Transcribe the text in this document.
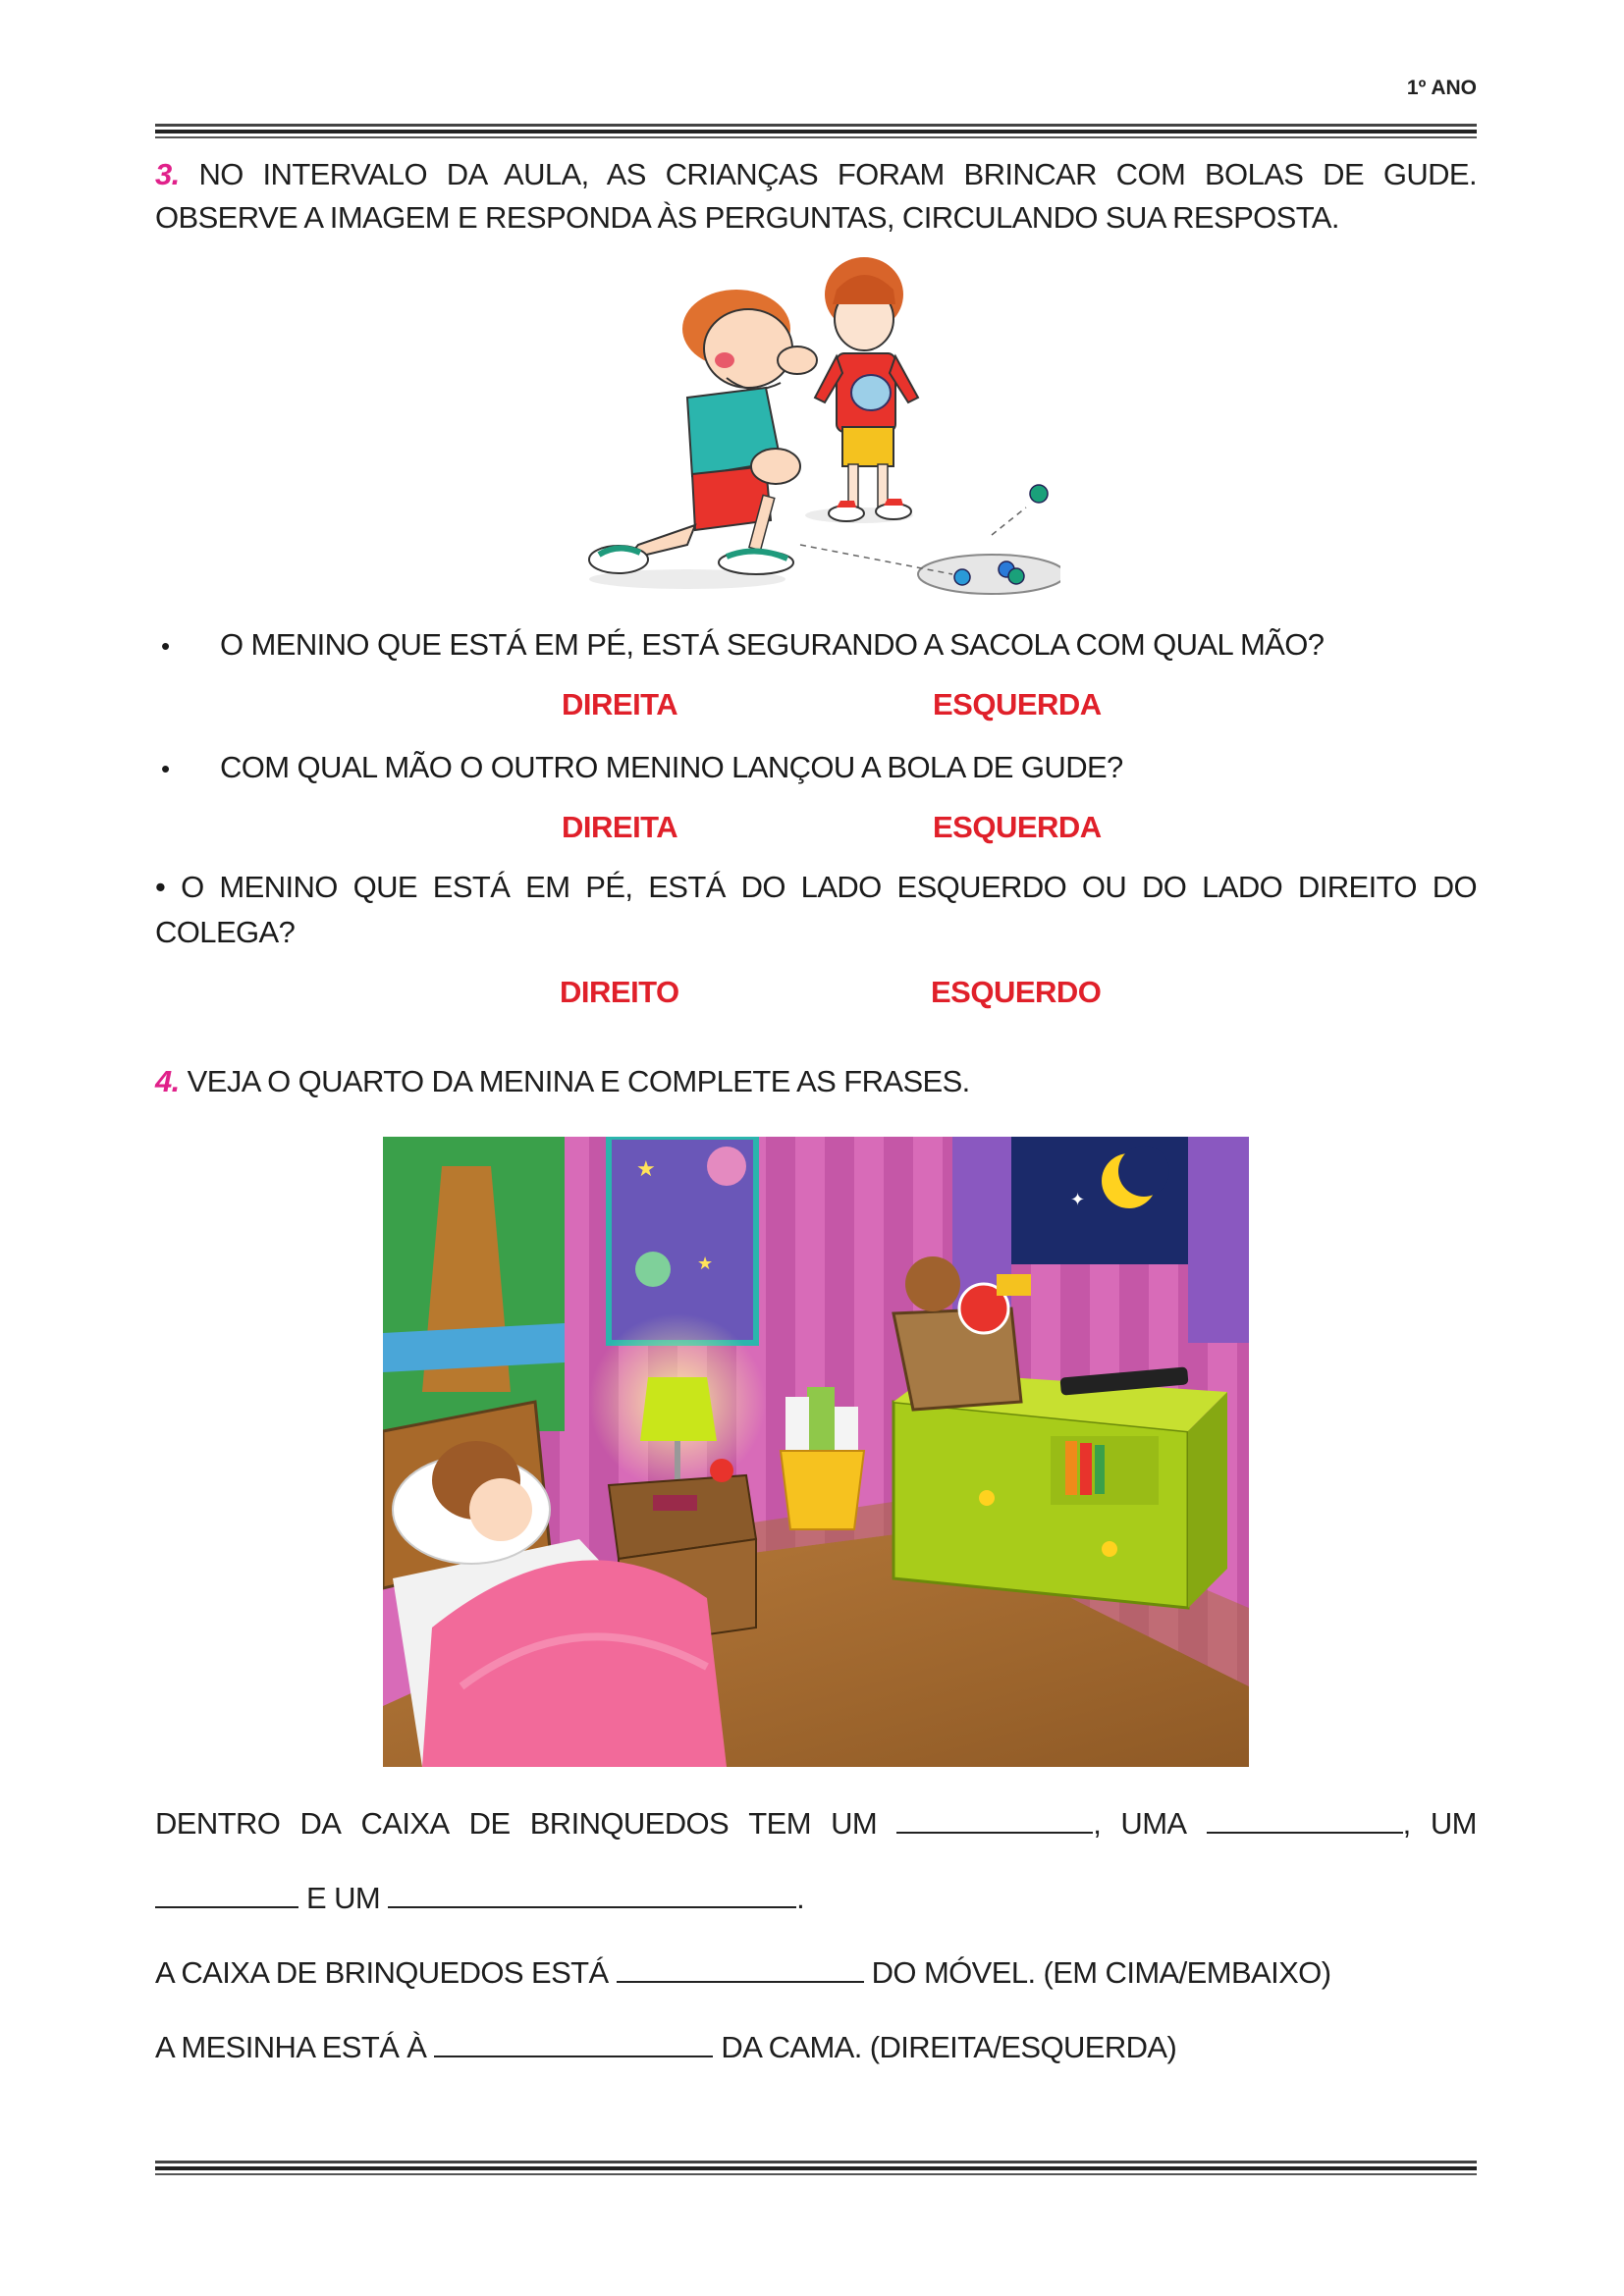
1º ANO
3. NO INTERVALO DA AULA, AS CRIANÇAS FORAM BRINCAR COM BOLAS DE GUDE. OBSERVE A IMAGEM E RESPONDA ÀS PERGUNTAS, CIRCULANDO SUA RESPOSTA.
• O MENINO QUE ESTÁ EM PÉ, ESTÁ SEGURANDO A SACOLA COM QUAL MÃO?
DIREITA	ESQUERDA
• COM QUAL MÃO O OUTRO MENINO LANÇOU A BOLA DE GUDE?
DIREITA	ESQUERDA
• O MENINO QUE ESTÁ EM PÉ, ESTÁ DO LADO ESQUERDO OU DO LADO DIREITO DO
COLEGA?
DIREITO	ESQUERDO
4. VEJA O QUARTO DA MENINA E COMPLETE AS FRASES.
★
★
✦
DENTRO DA CAIXA DE BRINQUEDOS TEM UM	, UMA	, UM
E UM	.
A CAIXA DE BRINQUEDOS ESTÁ	DO MÓVEL. (EM CIMA/EMBAIXO)
A MESINHA ESTÁ À	DA CAMA. (DIREITA/ESQUERDA)
